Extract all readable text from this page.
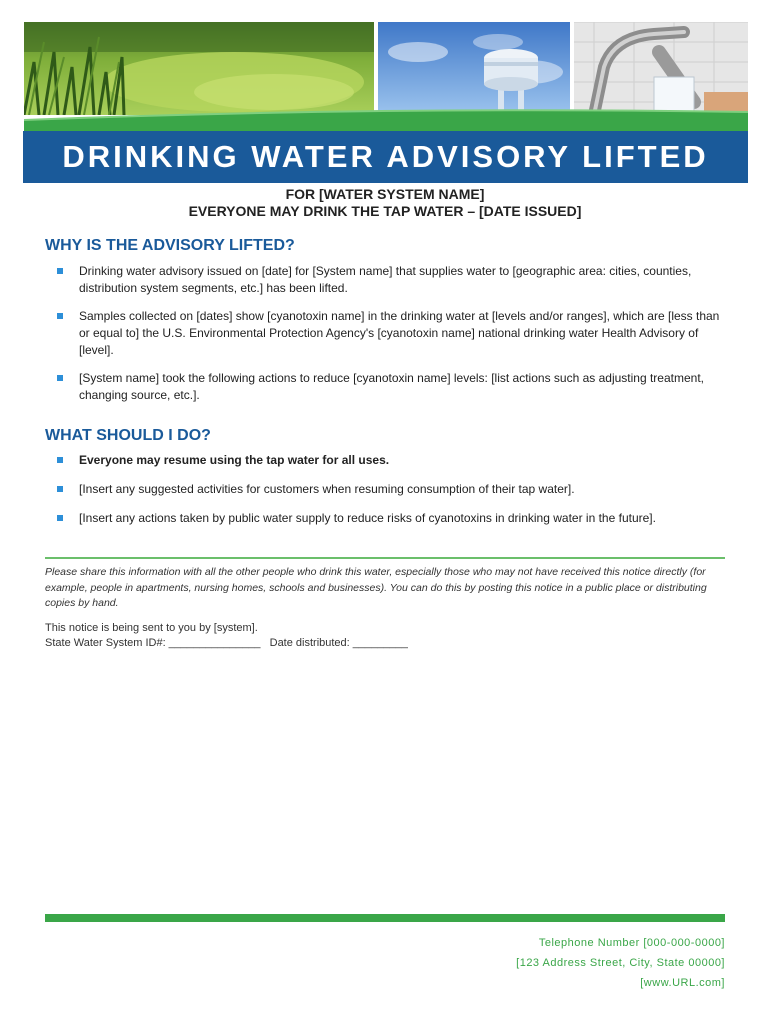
DRINKING WATER ADVISORY LIFTED
FOR [WATER SYSTEM NAME]
EVERYONE MAY DRINK THE TAP WATER – [DATE ISSUED]
WHY IS THE ADVISORY LIFTED?
Drinking water advisory issued on [date] for [System name] that supplies water to [geographic area: cities, counties, distribution system segments, etc.] has been lifted.
Samples collected on [dates] show [cyanotoxin name] in the drinking water at [levels and/or ranges], which are [less than or equal to] the U.S. Environmental Protection Agency's [cyanotoxin name] national drinking water Health Advisory of [level].
[System name] took the following actions to reduce [cyanotoxin name] levels: [list actions such as adjusting treatment, changing source, etc.].
WHAT SHOULD I DO?
Everyone may resume using the tap water for all uses.
[Insert any suggested activities for customers when resuming consumption of their tap water].
[Insert any actions taken by public water supply to reduce risks of cyanotoxins in drinking water in the future].

Please share this information with all the other people who drink this water, especially those who may not have received this notice directly (for example, people in apartments, nursing homes, schools and businesses). You can do this by posting this notice in a public place or distributing copies by hand.

This notice is being sent to you by [system].
State Water System ID#: _______________   Date distributed: _________
Telephone Number [000-000-0000]
[123 Address Street, City, State 00000]
[www.URL.com]
